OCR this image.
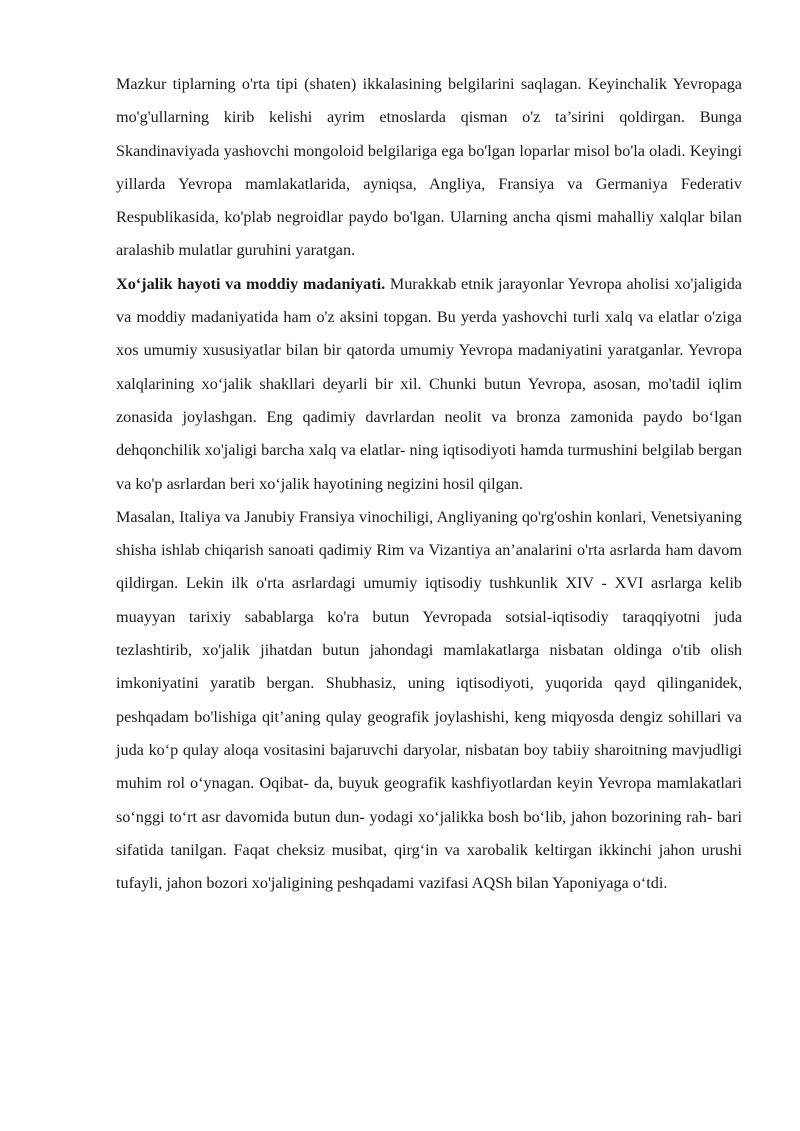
Mazkur tiplarning o'rta tipi (shaten) ikkalasining belgilarini saqlagan. Keyinchalik Yevropaga mo'g'ullarning kirib kelishi ayrim etnoslarda qisman o'z ta’sirini qoldirgan. Bunga Skandinaviyada yashovchi mongoloid belgilariga ega bo'lgan loparlar misol bo'la oladi. Keyingi yillarda Yevropa mamlakatlarida, ayniqsa, Angliya, Fransiya va Germaniya Federativ Respublikasida, ko'plab negroidlar paydo bo'lgan. Ularning ancha qismi mahalliy xalqlar bilan aralashib mulatlar guruhini yaratgan.

Xo‘jalik hayoti va moddiy madaniyati. Murakkab etnik jarayonlar Yevropa aholisi xo'jaligida va moddiy madaniyatida ham o'z aksini topgan. Bu yerda yashovchi turli xalq va elatlar o'ziga xos umumiy xususiyatlar bilan bir qatorda umumiy Yevropa madaniyatini yaratganlar. Yevropa xalqlarining xo‘jalik shakllari deyarli bir xil. Chunki butun Yevropa, asosan, mo'tadil iqlim zonasida joylashgan. Eng qadimiy davrlardan neolit va bronza zamonida paydo bo‘lgan dehqonchilik xo'jaligi barcha xalq va elatlar- ning iqtisodiyoti hamda turmushini belgilab bergan va ko'p asrlardan beri xo‘jalik hayotining negizini hosil qilgan.

Masalan, Italiya va Janubiy Fransiya vinochiligi, Angliyaning qo'rg'oshin konlari, Venetsiyaning shisha ishlab chiqarish sanoati qadimiy Rim va Vizantiya an’analarini o'rta asrlarda ham davom qildirgan. Lekin ilk o'rta asrlardagi umumiy iqtisodiy tushkunlik XIV - XVI asrlarga kelib muayyan tarixiy sabablarga ko'ra butun Yevropada sotsial-iqtisodiy taraqqiyotni juda tezlashtirib, xo'jalik jihatdan butun jahondagi mamlakatlarga nisbatan oldinga o'tib olish imkoniyatini yaratib bergan. Shubhasiz, uning iqtisodiyoti, yuqorida qayd qilinganidek, peshqadam bo'lishiga qit’aning qulay geografik joylashishi, keng miqyosda dengiz sohillari va juda ko‘p qulay aloqa vositasini bajaruvchi daryolar, nisbatan boy tabiiy sharoitning mavjudligi muhim rol o‘ynagan. Oqibat- da, buyuk geografik kashfiyotlardan keyin Yevropa mamlakatlari so‘nggi to‘rt asr davomida butun dun- yodagi xo‘jalikka bosh bo‘lib, jahon bozorining rah- bari sifatida tanilgan. Faqat cheksiz musibat, qirg‘in va xarobalik keltirgan ikkinchi jahon urushi tufayli, jahon bozori xo'jaligining peshqadami vazifasi AQSh bilan Yaponiyaga o‘tdi.
